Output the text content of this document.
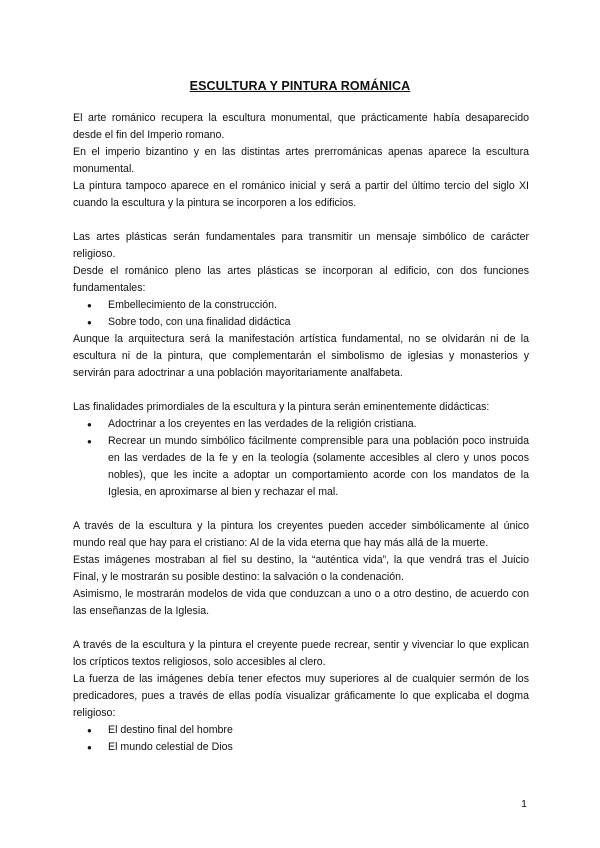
ESCULTURA Y PINTURA ROMÁNICA

El arte románico recupera la escultura monumental, que prácticamente había desaparecido desde el fin del Imperio romano.

En el imperio bizantino y en las distintas artes prerrománicas apenas aparece la escultura monumental.

La pintura tampoco aparece en el románico inicial y será a partir del último tercio del siglo XI cuando la escultura y la pintura se incorporen a los edificios.

Las artes plásticas serán fundamentales para transmitir un mensaje simbólico de carácter religioso.

Desde el románico pleno las artes plásticas se incorporan al edificio, con dos funciones fundamentales:

● Embellecimiento de la construcción.
● Sobre todo, con una finalidad didáctica

Aunque la arquitectura será la manifestación artística fundamental, no se olvidarán ni de la escultura ni de la pintura, que complementarán el simbolismo de iglesias y monasterios y servirán para adoctrinar a una población mayoritariamente analfabeta.

Las finalidades primordiales de la escultura y la pintura serán eminentemente didácticas:

● Adoctrinar a los creyentes en las verdades de la religión cristiana.
● Recrear un mundo simbólico fácilmente comprensible para una población poco instruida en las verdades de la fe y en la teología (solamente accesibles al clero y unos pocos nobles), que les incite a adoptar un comportamiento acorde con los mandatos de la Iglesia, en aproximarse al bien y rechazar el mal.

A través de la escultura y la pintura los creyentes pueden acceder simbólicamente al único mundo real que hay para el cristiano: Al de la vida eterna que hay más allá de la muerte.

Estas imágenes mostraban al fiel su destino, la “auténtica vida”, la que vendrá tras el Juicio Final, y le mostrarán su posible destino: la salvación o la condenación.

Asimismo, le mostrarán modelos de vida que conduzcan a uno o a otro destino, de acuerdo con las enseñanzas de la Iglesia.

A través de la escultura y la pintura el creyente puede recrear, sentir y vivenciar lo que explican los crípticos textos religiosos, solo accesibles al clero.

La fuerza de las imágenes debía tener efectos muy superiores al de cualquier sermón de los predicadores, pues a través de ellas podía visualizar gráficamente lo que explicaba el dogma religioso:

● El destino final del hombre
● El mundo celestial de Dios
1
